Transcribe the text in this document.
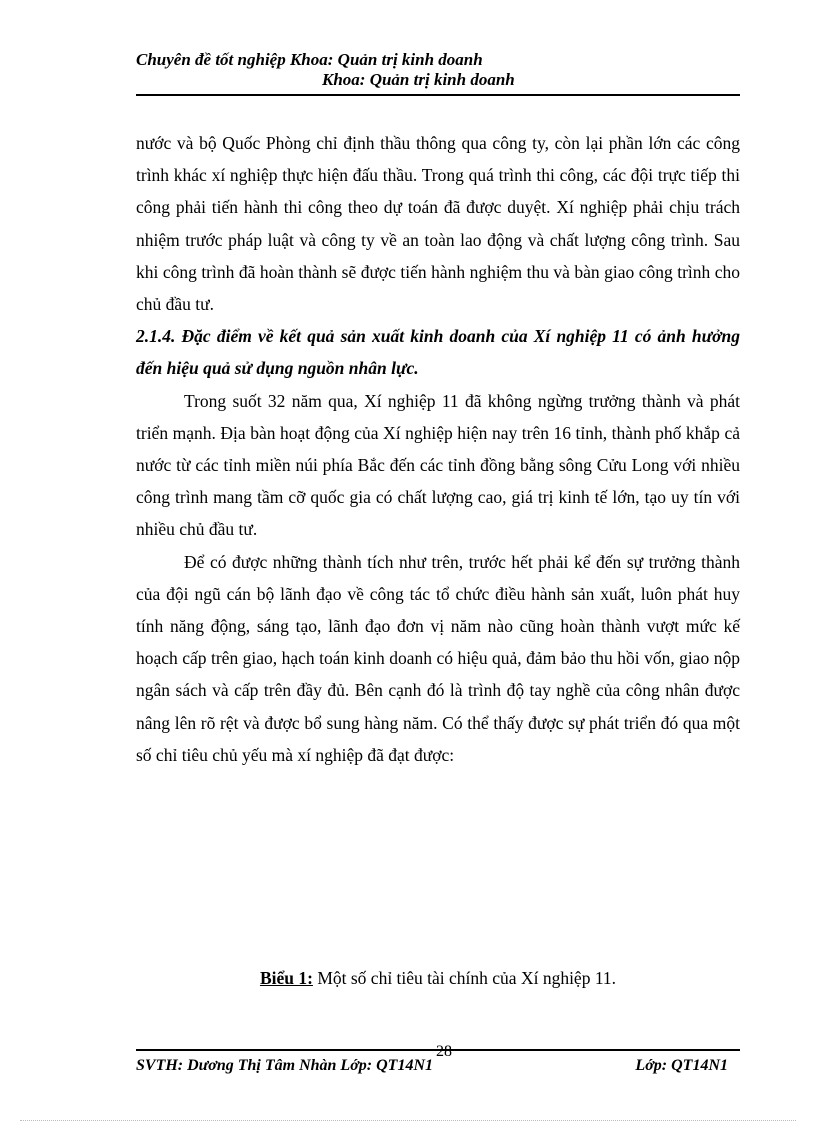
Chuyên đề tốt nghiệp Khoa: Quản trị kinh doanh
Khoa: Quản trị kinh doanh

nước và bộ Quốc Phòng chỉ định thầu thông qua công ty, còn lại phần lớn các công trình khác xí nghiệp thực hiện đấu thầu. Trong quá trình thi công, các đội trực tiếp thi công phải tiến hành thi công theo dự toán đã được duyệt. Xí nghiệp phải chịu trách nhiệm trước pháp luật và công ty về an toàn lao động và chất lượng công trình. Sau khi công trình đã hoàn thành sẽ được tiến hành nghiệm thu và bàn giao công trình cho chủ đầu tư.

2.1.4. Đặc điểm về kết quả sản xuất kinh doanh của Xí nghiệp 11 có ảnh hưởng đến hiệu quả sử dụng nguồn nhân lực.

Trong suốt 32 năm qua, Xí nghiệp 11 đã không ngừng trưởng thành và phát triển mạnh. Địa bàn hoạt động của Xí nghiệp hiện nay trên 16 tỉnh, thành phố khắp cả nước từ các tỉnh miền núi phía Bắc đến các tỉnh đồng bằng sông Cửu Long với nhiều công trình mang tầm cỡ quốc gia có chất lượng cao, giá trị kinh tế lớn, tạo uy tín với nhiều chủ đầu tư.

Để có được những thành tích như trên, trước hết phải kể đến sự trưởng thành của đội ngũ cán bộ lãnh đạo về công tác tổ chức điều hành sản xuất, luôn phát huy tính năng động, sáng tạo, lãnh đạo đơn vị năm nào cũng hoàn thành vượt mức kế hoạch cấp trên giao, hạch toán kinh doanh có hiệu quả, đảm bảo thu hồi vốn, giao nộp ngân sách và cấp trên đầy đủ. Bên cạnh đó là trình độ tay nghề của công nhân được nâng lên rõ rệt và được bổ sung hàng năm. Có thể thấy được sự phát triển đó qua một số chỉ tiêu chủ yếu mà xí nghiệp đã đạt được:

Biểu 1: Một số chỉ tiêu tài chính của Xí nghiệp 11.
SVTH: Dương Thị Tâm Nhàn Lớp: QT14N1
28
Lớp: QT14N1
